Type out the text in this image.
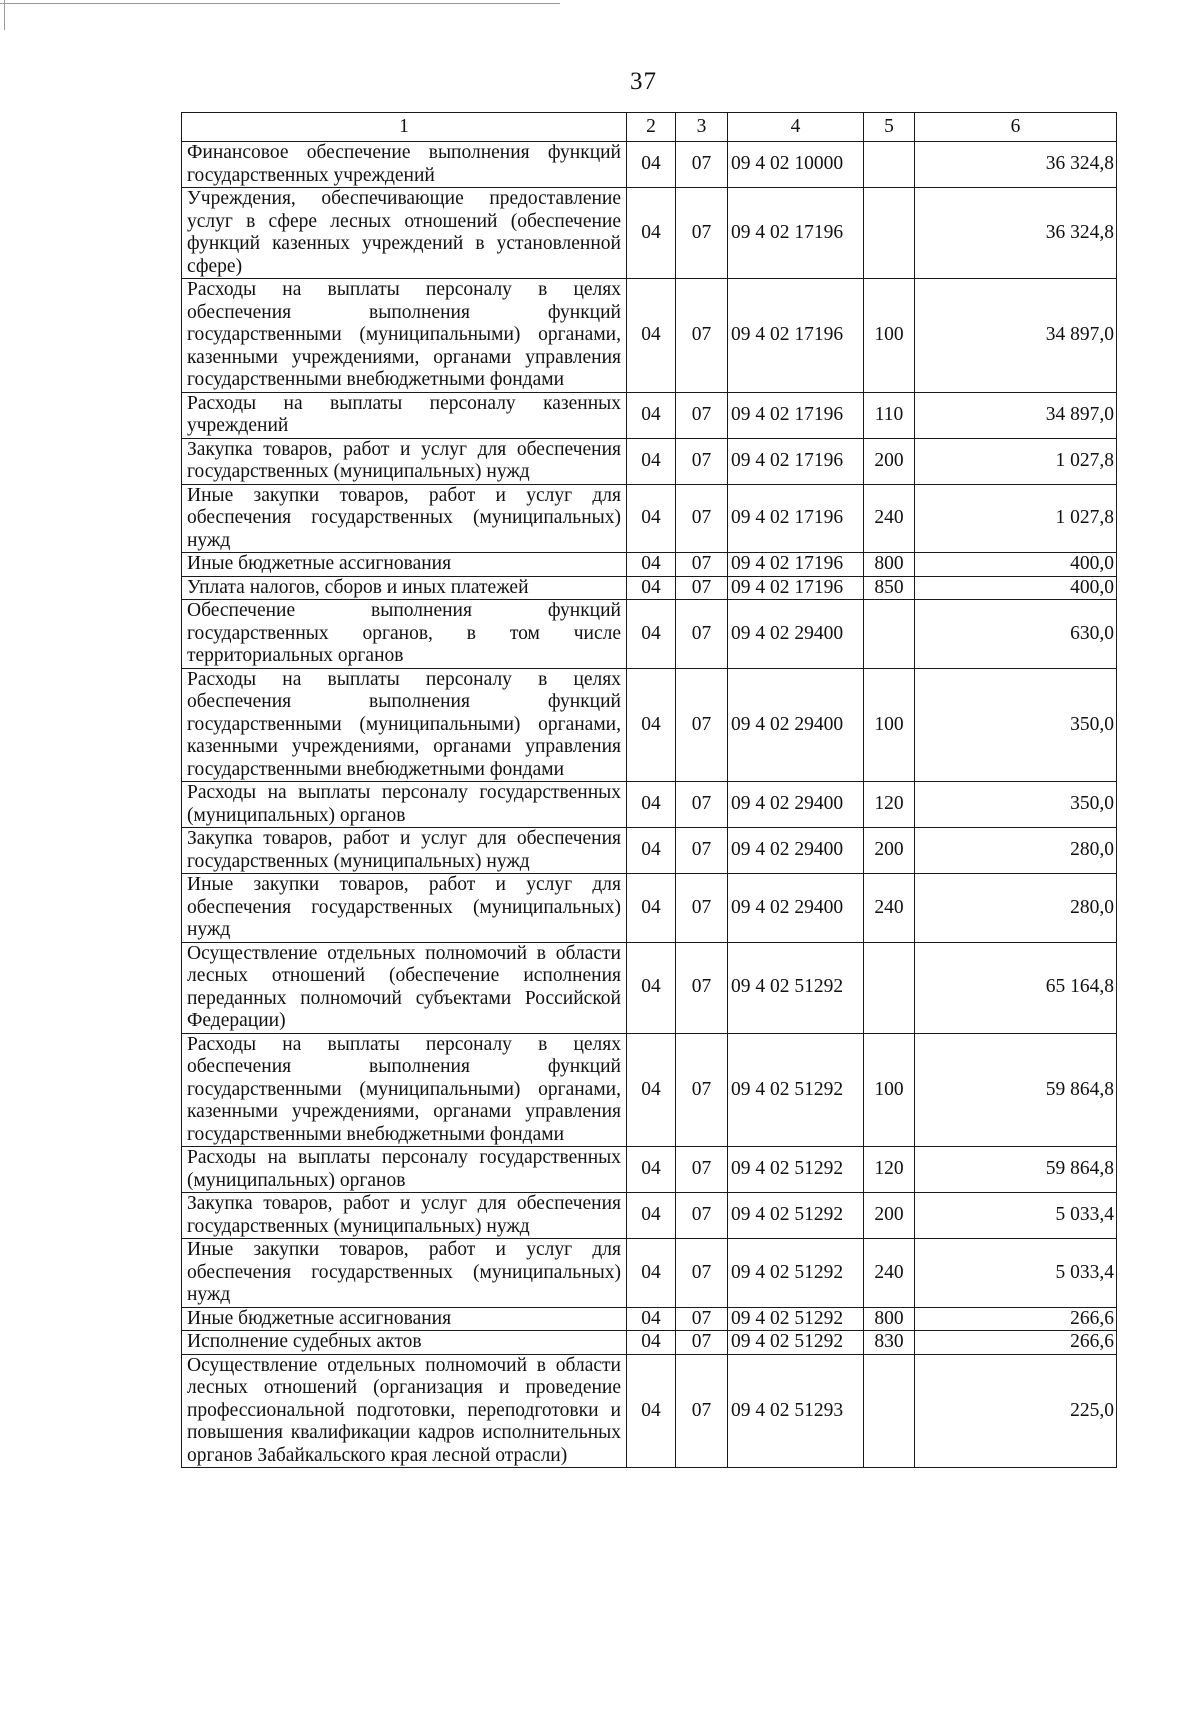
37
1	2	3	4	5	6
Финансовое обеспечение выполнения функций государственных учреждений	04	07	09 4 02 10000		36 324,8
Учреждения, обеспечивающие предоставление услуг в сфере лесных отношений (обеспечение функций казенных учреждений в установленной сфере)	04	07	09 4 02 17196		36 324,8
Расходы на выплаты персоналу в целях обеспечения выполнения функций государственными (муниципальными) органами, казенными учреждениями, органами управления государственными внебюджетными фондами	04	07	09 4 02 17196	100	34 897,0
Расходы на выплаты персоналу казенных учреждений	04	07	09 4 02 17196	110	34 897,0
Закупка товаров, работ и услуг для обеспечения государственных (муниципальных) нужд	04	07	09 4 02 17196	200	1 027,8
Иные закупки товаров, работ и услуг для обеспечения государственных (муниципальных) нужд	04	07	09 4 02 17196	240	1 027,8
Иные бюджетные ассигнования	04	07	09 4 02 17196	800	400,0
Уплата налогов, сборов и иных платежей	04	07	09 4 02 17196	850	400,0
Обеспечение выполнения функций государственных органов, в том числе территориальных органов	04	07	09 4 02 29400		630,0
Расходы на выплаты персоналу в целях обеспечения выполнения функций государственными (муниципальными) органами, казенными учреждениями, органами управления государственными внебюджетными фондами	04	07	09 4 02 29400	100	350,0
Расходы на выплаты персоналу государственных (муниципальных) органов	04	07	09 4 02 29400	120	350,0
Закупка товаров, работ и услуг для обеспечения государственных (муниципальных) нужд	04	07	09 4 02 29400	200	280,0
Иные закупки товаров, работ и услуг для обеспечения государственных (муниципальных) нужд	04	07	09 4 02 29400	240	280,0
Осуществление отдельных полномочий в области лесных отношений (обеспечение исполнения переданных полномочий субъектами Российской Федерации)	04	07	09 4 02 51292		65 164,8
Расходы на выплаты персоналу в целях обеспечения выполнения функций государственными (муниципальными) органами, казенными учреждениями, органами управления государственными внебюджетными фондами	04	07	09 4 02 51292	100	59 864,8
Расходы на выплаты персоналу государственных (муниципальных) органов	04	07	09 4 02 51292	120	59 864,8
Закупка товаров, работ и услуг для обеспечения государственных (муниципальных) нужд	04	07	09 4 02 51292	200	5 033,4
Иные закупки товаров, работ и услуг для обеспечения государственных (муниципальных) нужд	04	07	09 4 02 51292	240	5 033,4
Иные бюджетные ассигнования	04	07	09 4 02 51292	800	266,6
Исполнение судебных актов	04	07	09 4 02 51292	830	266,6
Осуществление отдельных полномочий в области лесных отношений (организация и проведение профессиональной подготовки, переподготовки и повышения квалификации кадров исполнительных органов Забайкальского края лесной отрасли)	04	07	09 4 02 51293		225,0
